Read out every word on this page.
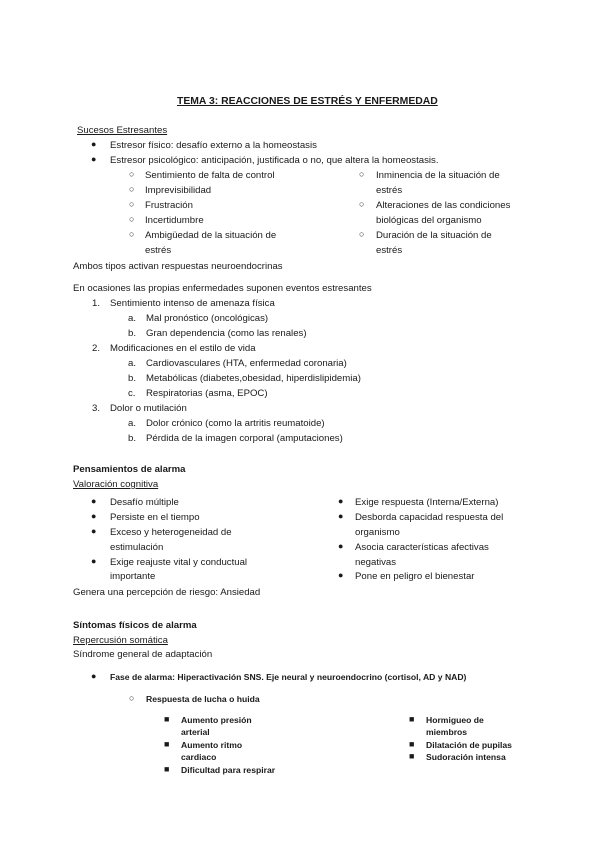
TEMA 3: REACCIONES DE ESTRÉS Y ENFERMEDAD
Sucesos Estresantes
● Estresor físico: desafío externo a la homeostasis
● Estresor psicológico: anticipación, justificada o no, que altera la homeostasis.
○ Sentimiento de falta de control
○ Imprevisibilidad
○ Frustración
○ Incertidumbre
○ Ambigüedad de la situación de
estrés
○ Inminencia de la situación de
estrés
○ Alteraciones de las condiciones
biológicas del organismo
○ Duración de la situación de
estrés
Ambos tipos activan respuestas neuroendocrinas
En ocasiones las propias enfermedades suponen eventos estresantes
1. Sentimiento intenso de amenaza física
a. Mal pronóstico (oncológicas)
b. Gran dependencia (como las renales)
2. Modificaciones en el estilo de vida
a. Cardiovasculares (HTA, enfermedad coronaria)
b. Metabólicas (diabetes,obesidad, hiperdislipidemia)
c. Respiratorias (asma, EPOC)
3. Dolor o mutilación
a. Dolor crónico (como la artritis reumatoide)
b. Pérdida de la imagen corporal (amputaciones)
Pensamientos de alarma
Valoración cognitiva
● Desafío múltiple
● Persiste en el tiempo
● Exceso y heterogeneidad de
estimulación
● Exige reajuste vital y conductual
importante
● Exige respuesta (Interna/Externa)
● Desborda capacidad respuesta del
organismo
● Asocia características afectivas
negativas
● Pone en peligro el bienestar
Genera una percepción de riesgo: Ansiedad
Síntomas físicos de alarma
Repercusión somática
Síndrome general de adaptación
● Fase de alarma: Hiperactivación SNS. Eje neural y neuroendocrino (cortisol, AD y NAD)
○ Respuesta de lucha o huida
■ Aumento presión
arterial
■ Aumento ritmo
cardiaco
■ Dificultad para respirar
■ Hormigueo de
miembros
■ Dilatación de pupilas
■ Sudoración intensa
